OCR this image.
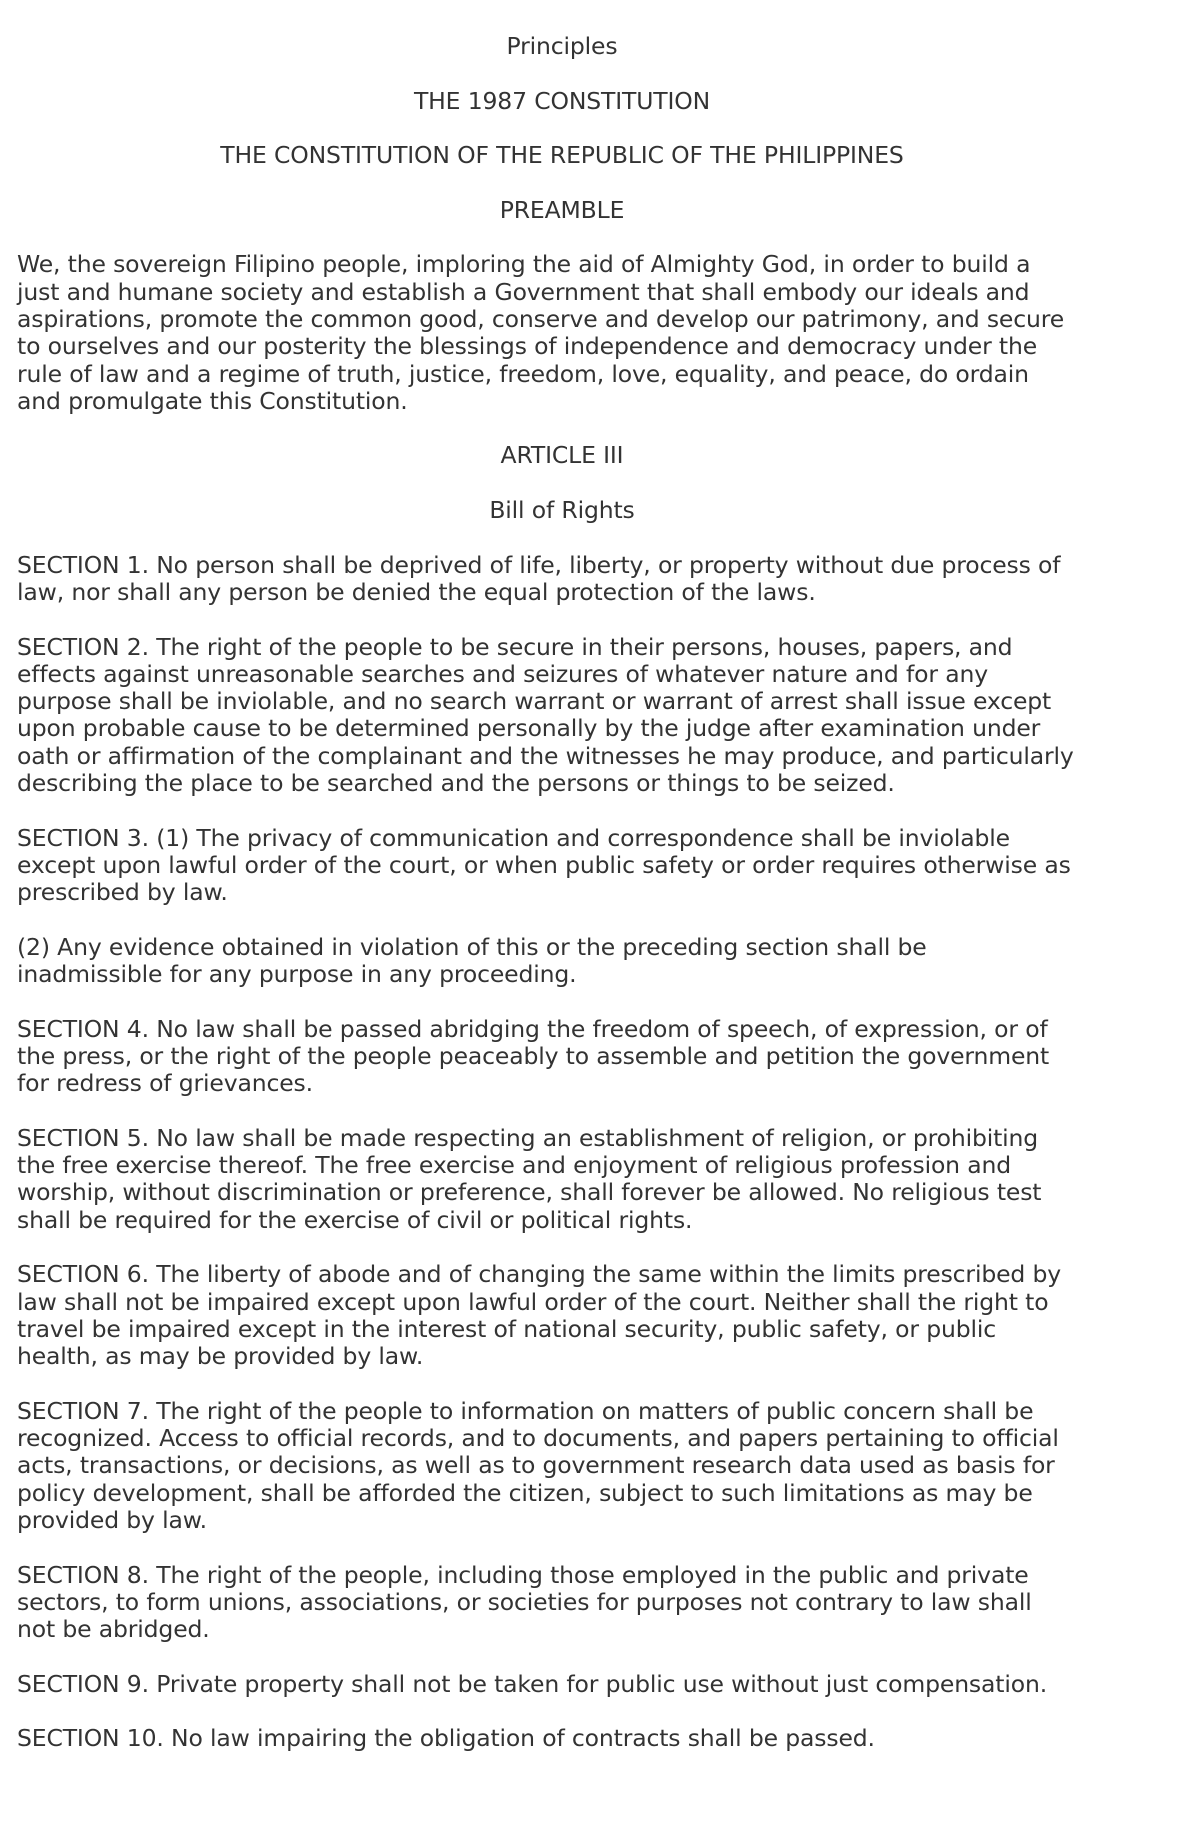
Principles

THE 1987 CONSTITUTION

THE CONSTITUTION OF THE REPUBLIC OF THE PHILIPPINES

PREAMBLE

We, the sovereign Filipino people, imploring the aid of Almighty God, in order to build a
just and humane society and establish a Government that shall embody our ideals and
aspirations, promote the common good, conserve and develop our patrimony, and secure
to ourselves and our posterity the blessings of independence and democracy under the
rule of law and a regime of truth, justice, freedom, love, equality, and peace, do ordain
and promulgate this Constitution.

ARTICLE III

Bill of Rights

SECTION 1. No person shall be deprived of life, liberty, or property without due process of
law, nor shall any person be denied the equal protection of the laws.

SECTION 2. The right of the people to be secure in their persons, houses, papers, and
effects against unreasonable searches and seizures of whatever nature and for any
purpose shall be inviolable, and no search warrant or warrant of arrest shall issue except
upon probable cause to be determined personally by the judge after examination under
oath or affirmation of the complainant and the witnesses he may produce, and particularly
describing the place to be searched and the persons or things to be seized.

SECTION 3. (1) The privacy of communication and correspondence shall be inviolable
except upon lawful order of the court, or when public safety or order requires otherwise as
prescribed by law.

(2) Any evidence obtained in violation of this or the preceding section shall be
inadmissible for any purpose in any proceeding.

SECTION 4. No law shall be passed abridging the freedom of speech, of expression, or of
the press, or the right of the people peaceably to assemble and petition the government
for redress of grievances.

SECTION 5. No law shall be made respecting an establishment of religion, or prohibiting
the free exercise thereof. The free exercise and enjoyment of religious profession and
worship, without discrimination or preference, shall forever be allowed. No religious test
shall be required for the exercise of civil or political rights.

SECTION 6. The liberty of abode and of changing the same within the limits prescribed by
law shall not be impaired except upon lawful order of the court. Neither shall the right to
travel be impaired except in the interest of national security, public safety, or public
health, as may be provided by law.

SECTION 7. The right of the people to information on matters of public concern shall be
recognized. Access to official records, and to documents, and papers pertaining to official
acts, transactions, or decisions, as well as to government research data used as basis for
policy development, shall be afforded the citizen, subject to such limitations as may be
provided by law.

SECTION 8. The right of the people, including those employed in the public and private
sectors, to form unions, associations, or societies for purposes not contrary to law shall
not be abridged.

SECTION 9. Private property shall not be taken for public use without just compensation.

SECTION 10. No law impairing the obligation of contracts shall be passed.
